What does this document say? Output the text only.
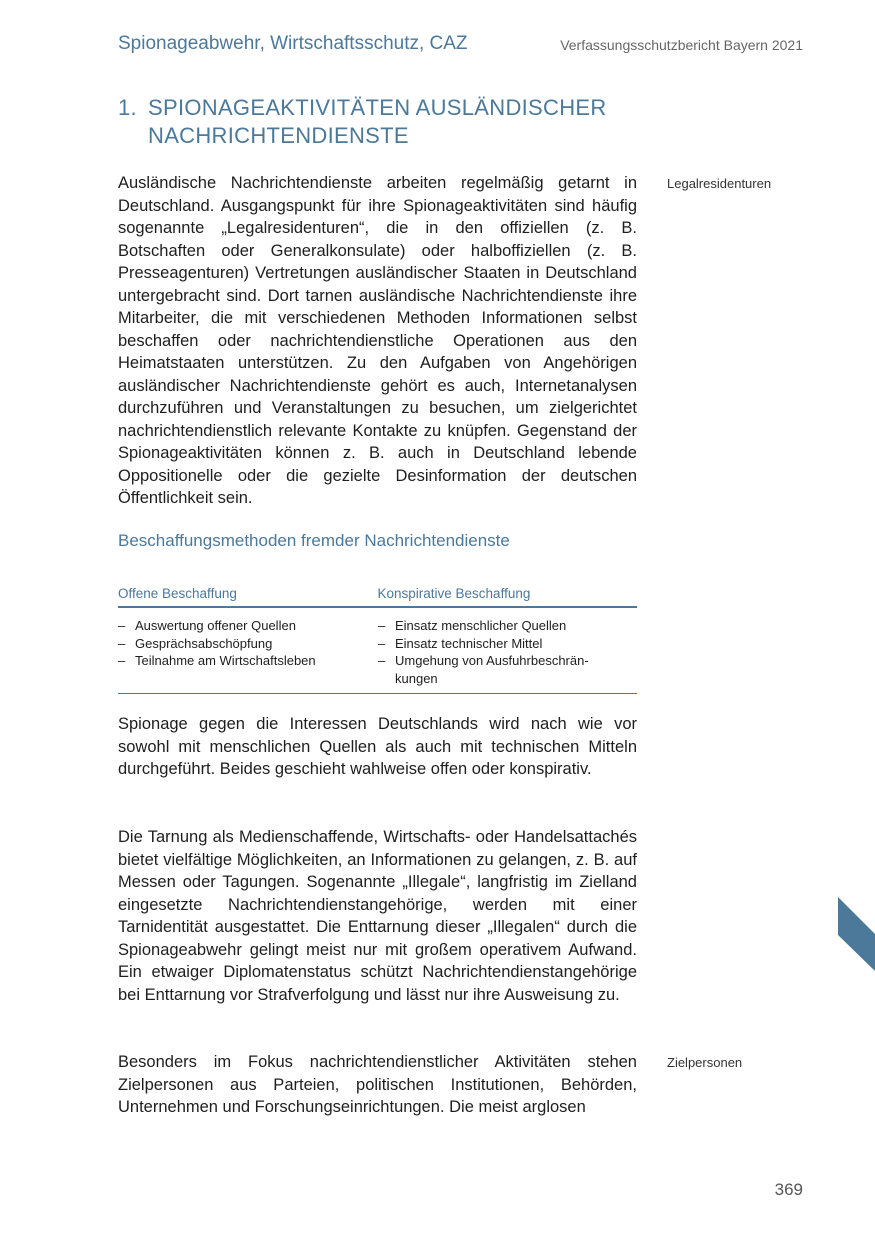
Spionageabwehr, Wirtschaftsschutz, CAZ	Verfassungsschutzbericht Bayern 2021
1. SPIONAGEAKTIVITÄTEN AUSLÄNDISCHER
NACHRICHTENDIENSTE
Legalresidenturen
Ausländische Nachrichtendienste arbeiten regelmäßig getarnt in Deutschland. Ausgangspunkt für ihre Spionageaktivitäten sind häufig sogenannte „Legalresidenturen“, die in den offiziellen (z. B. Botschaften oder Generalkonsulate) oder halboffiziellen (z. B. Presseagenturen) Vertretungen ausländischer Staaten in Deutschland untergebracht sind. Dort tarnen ausländische Nachrichtendienste ihre Mitarbeiter, die mit verschiedenen Methoden Informationen selbst beschaffen oder nachrichtendienstliche Operationen aus den Heimatstaaten unterstützen. Zu den Aufgaben von Angehörigen ausländischer Nachrichtendienste gehört es auch, Internetanalysen durchzuführen und Veranstaltungen zu besuchen, um zielgerichtet nachrichtendienstlich relevante Kontakte zu knüpfen. Gegenstand der Spionageaktivitäten können z. B. auch in Deutschland lebende Oppositionelle oder die gezielte Desinformation der deutschen Öffentlichkeit sein.
Beschaffungsmethoden fremder Nachrichtendienste
Offene Beschaffung	Konspirative Beschaffung
– Auswertung offener Quellen
– Gesprächsabschöpfung
– Teilnahme am Wirtschaftsleben
– Einsatz menschlicher Quellen
– Einsatz technischer Mittel
– Umgehung von Ausfuhrbeschränkungen
Spionage gegen die Interessen Deutschlands wird nach wie vor sowohl mit menschlichen Quellen als auch mit technischen Mitteln durchgeführt. Beides geschieht wahlweise offen oder konspirativ.
Die Tarnung als Medienschaffende, Wirtschafts- oder Handelsattachés bietet vielfältige Möglichkeiten, an Informationen zu gelangen, z. B. auf Messen oder Tagungen. Sogenannte „Illegale“, langfristig im Zielland eingesetzte Nachrichtendienstangehörige, werden mit einer Tarnidentität ausgestattet. Die Enttarnung dieser „Illegalen“ durch die Spionageabwehr gelingt meist nur mit großem operativem Aufwand. Ein etwaiger Diplomatenstatus schützt Nachrichtendienstangehörige bei Enttarnung vor Strafverfolgung und lässt nur ihre Ausweisung zu.
Zielpersonen
Besonders im Fokus nachrichtendienstlicher Aktivitäten stehen Zielpersonen aus Parteien, politischen Institutionen, Behörden, Unternehmen und Forschungseinrichtungen. Die meist arglosen
369
